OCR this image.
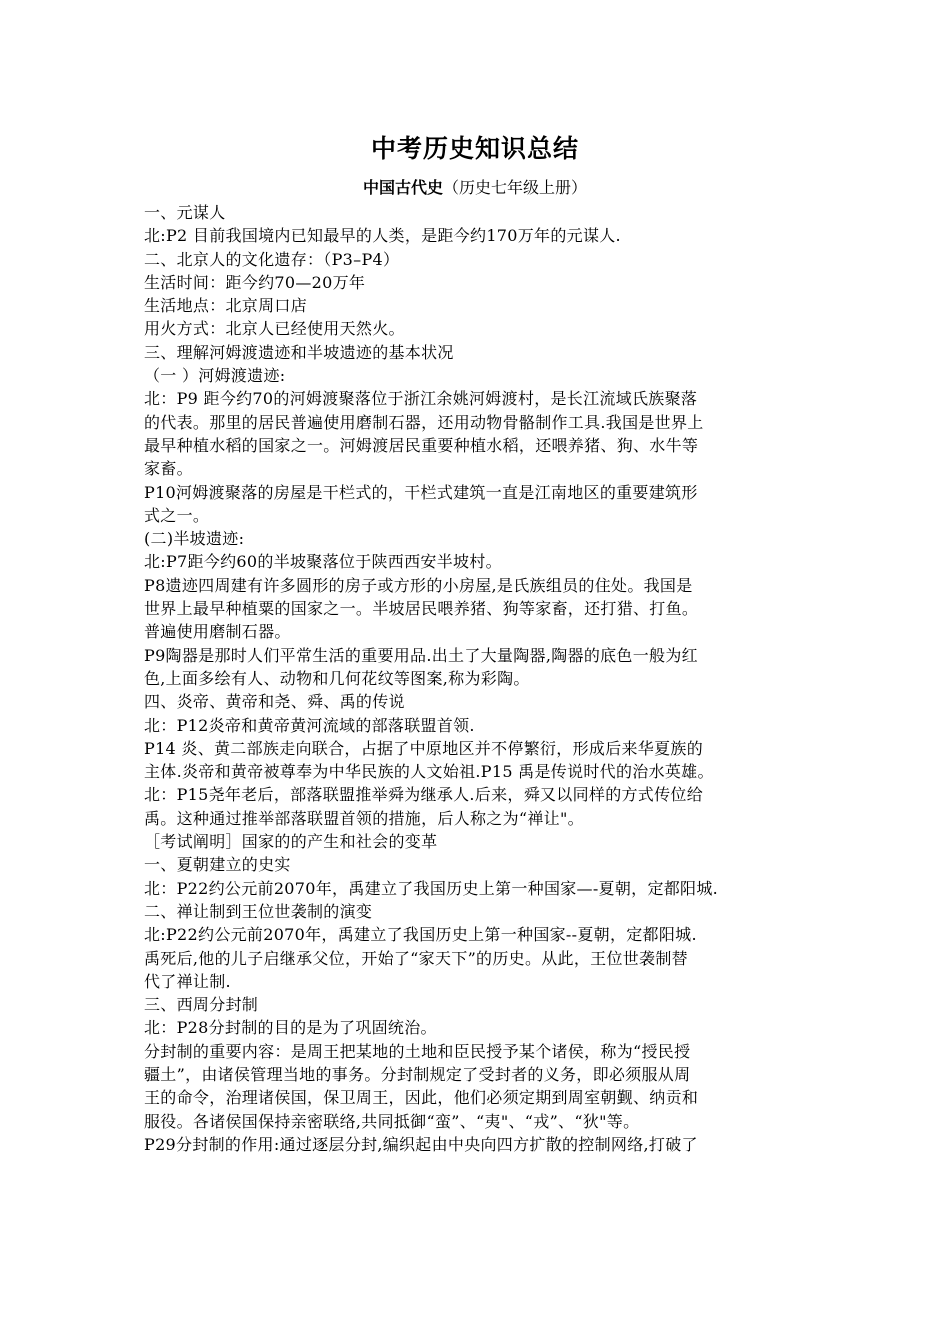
中考历史知识总结
中国古代史（历史七年级上册）
一、元谋人
北:P2 目前我国境内已知最早的人类，是距今约170万年的元谋人.
二、北京人的文化遗存：（P3–P4）
生活时间：距今约70—20万年
生活地点：北京周口店
用火方式：北京人已经使用天然火。
三、理解河姆渡遗迹和半坡遗迹的基本状况
（一 ）河姆渡遗迹:
北：P9 距今约70的河姆渡聚落位于浙江余姚河姆渡村，是长江流域氏族聚落
的代表。那里的居民普遍使用磨制石器，还用动物骨骼制作工具.我国是世界上
最早种植水稻的国家之一。河姆渡居民重要种植水稻，还喂养猪、狗、水牛等
家畜。
P10河姆渡聚落的房屋是干栏式的，干栏式建筑一直是江南地区的重要建筑形
式之一。
(二)半坡遗迹:
北:P7距今约60的半坡聚落位于陕西西安半坡村。
P8遗迹四周建有许多圆形的房子或方形的小房屋,是氏族组员的住处。我国是
世界上最早种植粟的国家之一。半坡居民喂养猪、狗等家畜，还打猎、打鱼。
普遍使用磨制石器。
P9陶器是那时人们平常生活的重要用品.出土了大量陶器,陶器的底色一般为红
色,上面多绘有人、动物和几何花纹等图案,称为彩陶。
四、炎帝、黄帝和尧、舜、禹的传说
北：P12炎帝和黄帝黄河流域的部落联盟首领.
P14 炎、黄二部族走向联合，占据了中原地区并不停繁衍，形成后来华夏族的
主体.炎帝和黄帝被尊奉为中华民族的人文始祖.P15 禹是传说时代的治水英雄。
北：P15尧年老后，部落联盟推举舜为继承人.后来，舜又以同样的方式传位给
禹。这种通过推举部落联盟首领的措施，后人称之为“禅让"。
［考试阐明］国家的的产生和社会的变革
一、夏朝建立的史实
北：P22约公元前2070年，禹建立了我国历史上第一种国家—-夏朝，定都阳城.
二、禅让制到王位世袭制的演变
北:P22约公元前2070年，禹建立了我国历史上第一种国家--夏朝，定都阳城.
禹死后,他的儿子启继承父位，开始了“家天下”的历史。从此，王位世袭制替
代了禅让制.
三、西周分封制
北：P28分封制的目的是为了巩固统治。
分封制的重要内容：是周王把某地的土地和臣民授予某个诸侯，称为“授民授
疆土”，由诸侯管理当地的事务。分封制规定了受封者的义务，即必须服从周
王的命令，治理诸侯国，保卫周王，因此，他们必须定期到周室朝觐、纳贡和
服役。各诸侯国保持亲密联络,共同抵御“蛮”、“夷"、“戎”、“狄"等。
P29分封制的作用:通过逐层分封,编织起由中央向四方扩散的控制网络,打破了
